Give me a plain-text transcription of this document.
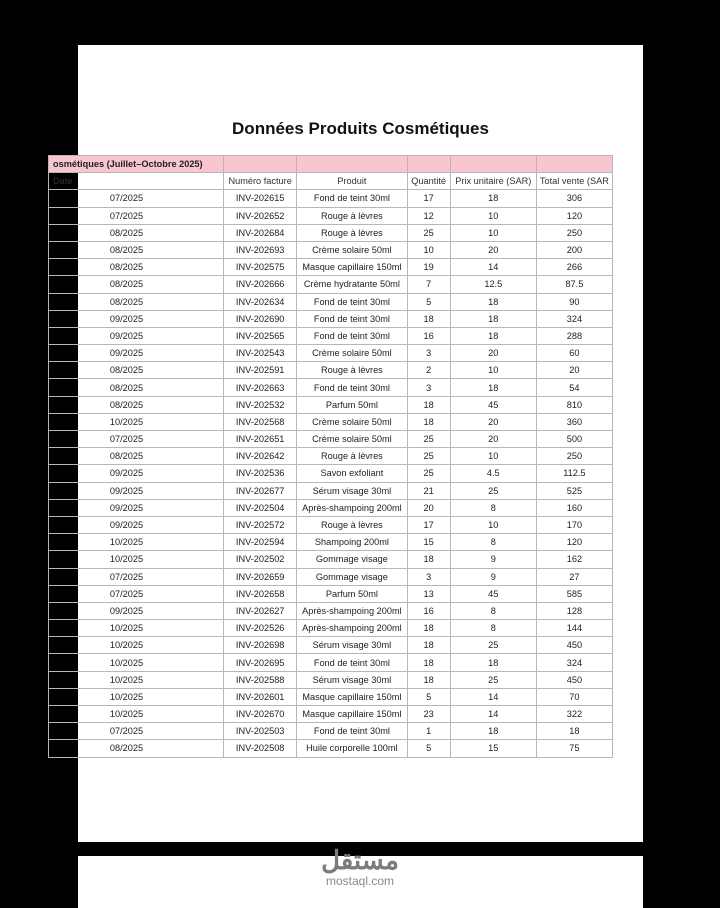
Données Produits Cosmétiques
osmétiques (Juillet–Octobre 2025)					
Date	Numéro facture	Produit	Quantité	Prix unitaire (SAR)	Total vente (SAR
07/2025	INV-202615	Fond de teint 30ml	17	18	306
07/2025	INV-202652	Rouge à lèvres	12	10	120
08/2025	INV-202684	Rouge à lèvres	25	10	250
08/2025	INV-202693	Crème solaire 50ml	10	20	200
08/2025	INV-202575	Masque capillaire 150ml	19	14	266
08/2025	INV-202666	Crème hydratante 50ml	7	12.5	87.5
08/2025	INV-202634	Fond de teint 30ml	5	18	90
09/2025	INV-202690	Fond de teint 30ml	18	18	324
09/2025	INV-202565	Fond de teint 30ml	16	18	288
09/2025	INV-202543	Crème solaire 50ml	3	20	60
08/2025	INV-202591	Rouge à lèvres	2	10	20
08/2025	INV-202663	Fond de teint 30ml	3	18	54
08/2025	INV-202532	Parfum 50ml	18	45	810
10/2025	INV-202568	Crème solaire 50ml	18	20	360
07/2025	INV-202651	Crème solaire 50ml	25	20	500
08/2025	INV-202642	Rouge à lèvres	25	10	250
09/2025	INV-202536	Savon exfoliant	25	4.5	112.5
09/2025	INV-202677	Sérum visage 30ml	21	25	525
09/2025	INV-202504	Après-shampoing 200ml	20	8	160
09/2025	INV-202572	Rouge à lèvres	17	10	170
10/2025	INV-202594	Shampoing 200ml	15	8	120
10/2025	INV-202502	Gommage visage	18	9	162
07/2025	INV-202659	Gommage visage	3	9	27
07/2025	INV-202658	Parfum 50ml	13	45	585
09/2025	INV-202627	Après-shampoing 200ml	16	8	128
10/2025	INV-202526	Après-shampoing 200ml	18	8	144
10/2025	INV-202698	Sérum visage 30ml	18	25	450
10/2025	INV-202695	Fond de teint 30ml	18	18	324
10/2025	INV-202588	Sérum visage 30ml	18	25	450
10/2025	INV-202601	Masque capillaire 150ml	5	14	70
10/2025	INV-202670	Masque capillaire 150ml	23	14	322
07/2025	INV-202503	Fond de teint 30ml	1	18	18
08/2025	INV-202508	Huile corporelle 100ml	5	15	75
مستقل
mostaql.com
